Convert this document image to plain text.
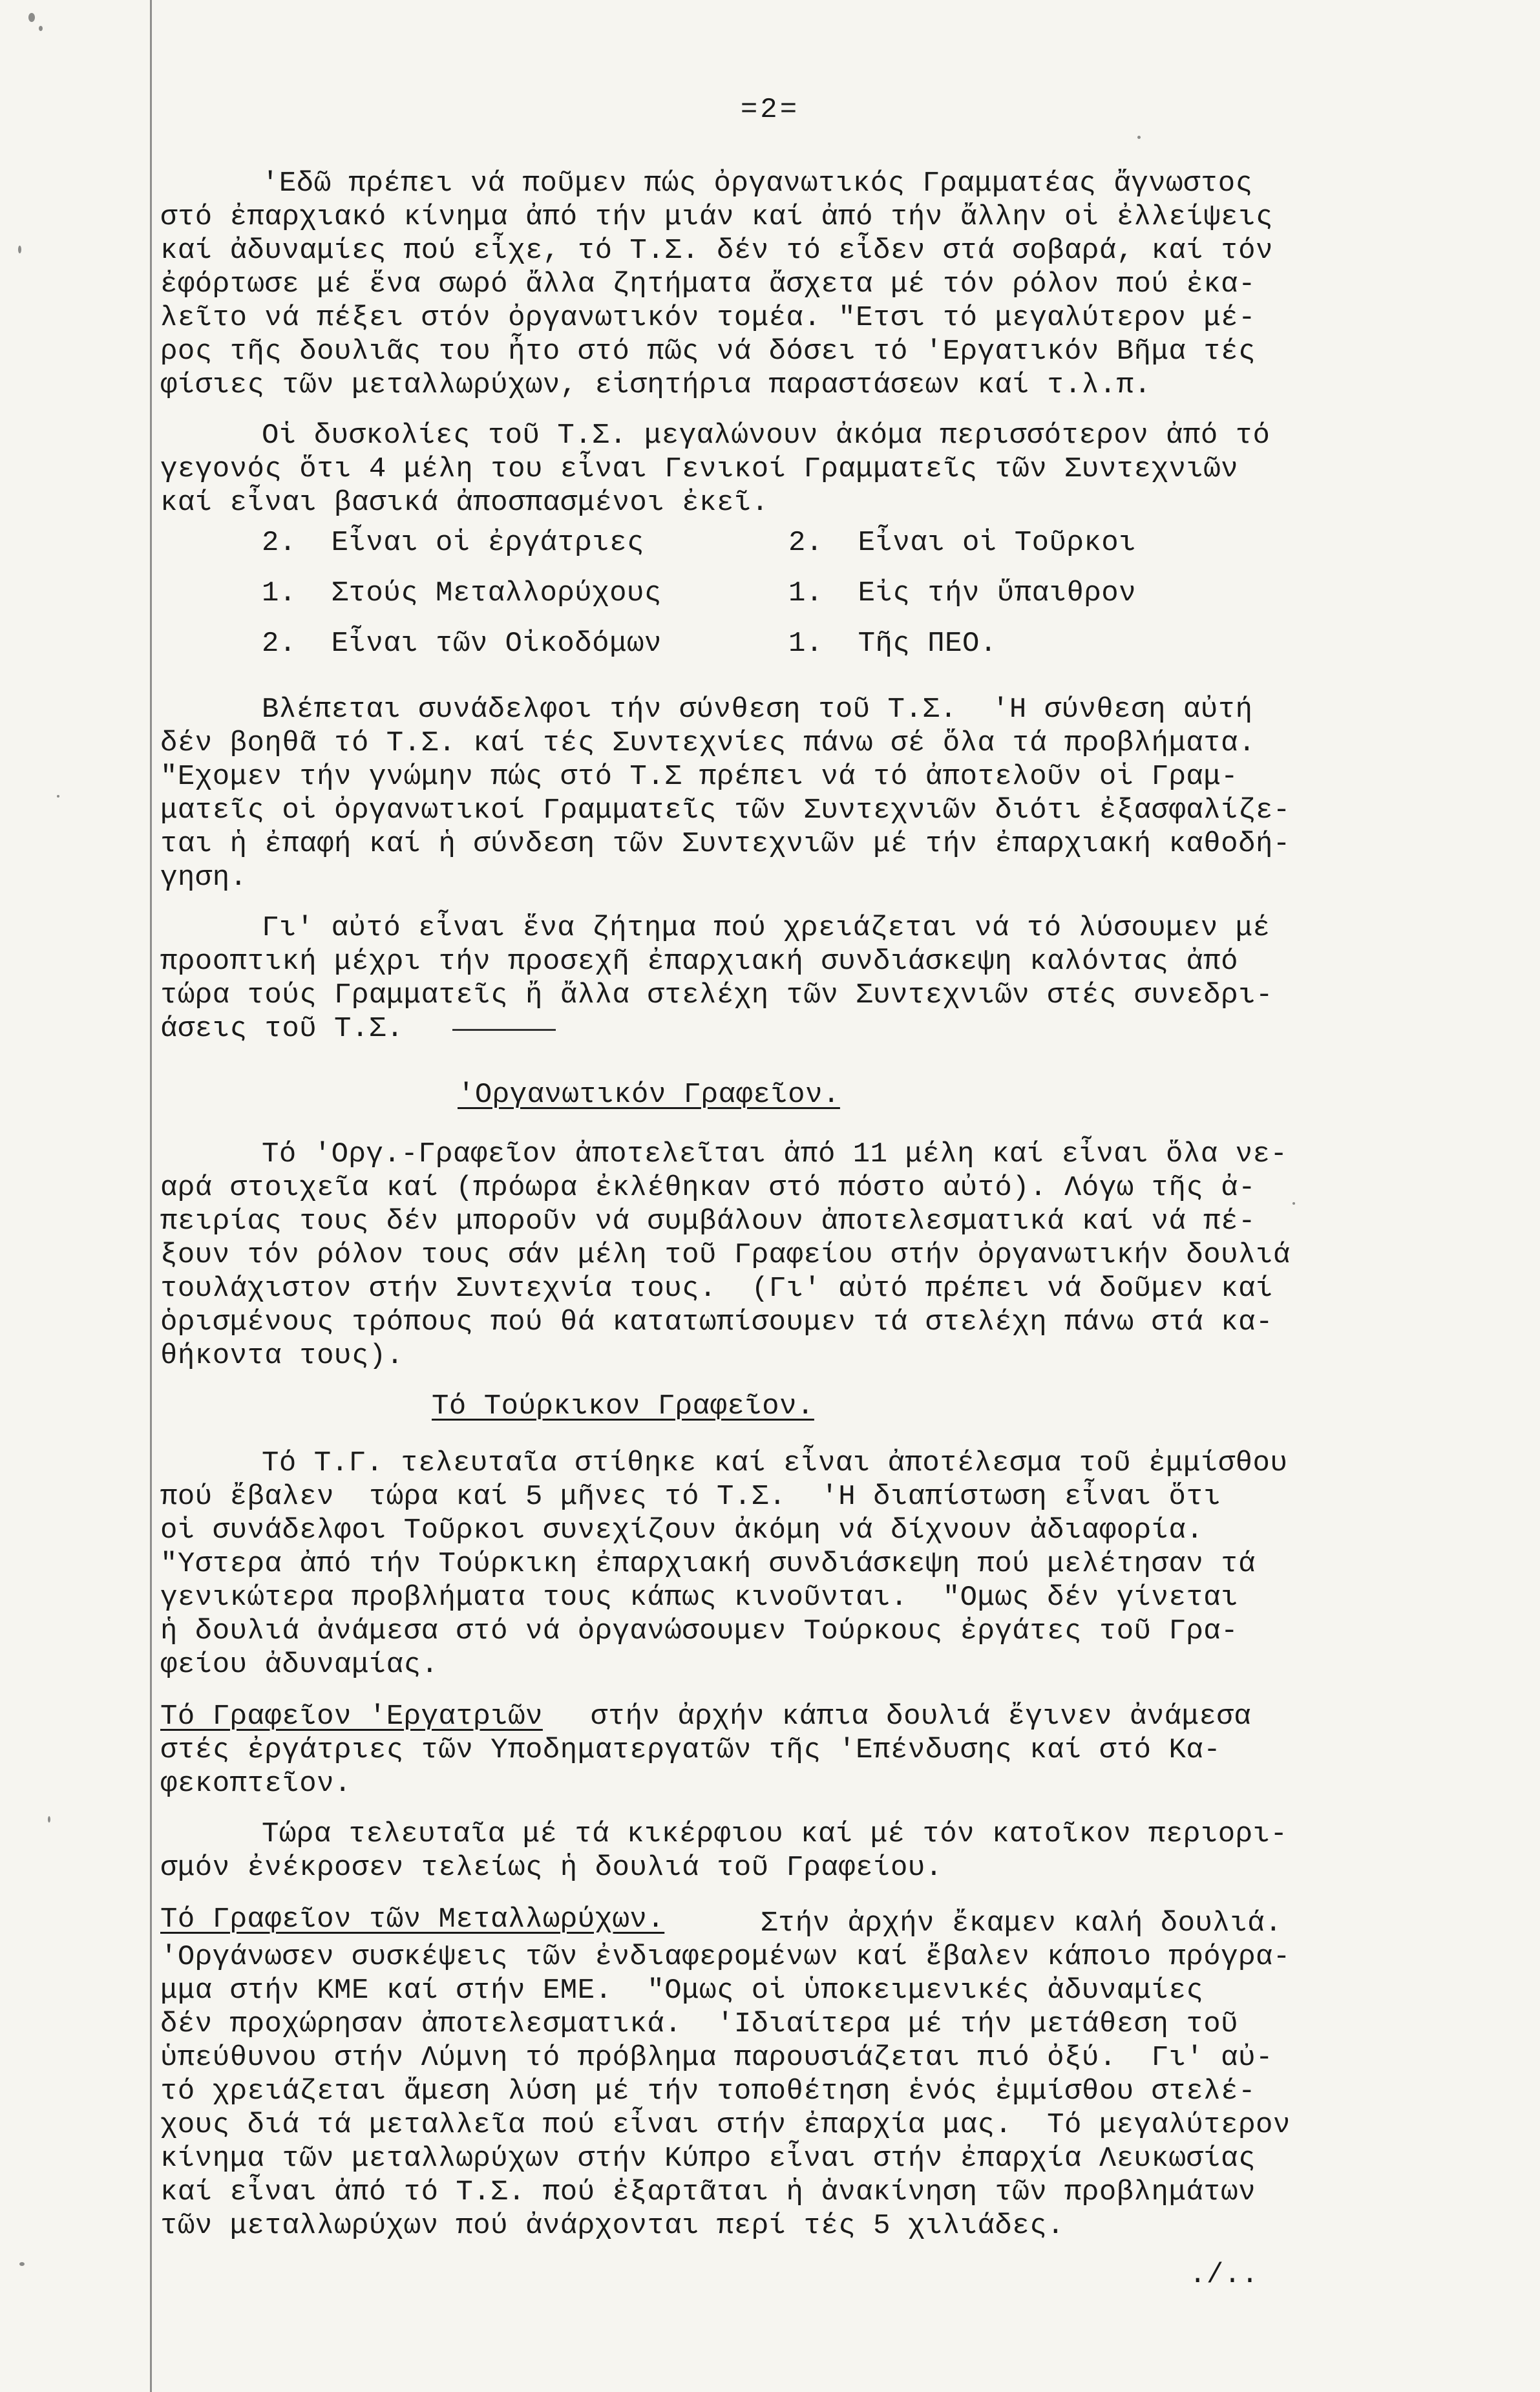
=2=
'Εδῶ πρέπει νά ποῦμεν πώς ὀργανωτικός Γραμματέας ἄγνωστος
στό ἐπαρχιακό κίνημα ἀπό τήν μιάν καί ἀπό τήν ἄλλην οἱ ἐλλείψεις
καί ἀδυναμίες πού εἶχε, τό Τ.Σ. δέν τό εἶδεν στά σοβαρά, καί τόν
ἐφόρτωσε μέ ἕνα σωρό ἄλλα ζητήματα ἄσχετα μέ τόν ρόλον πού ἐκα-
λεῖτο νά πέξει στόν ὀργανωτικόν τομέα. "Ετσι τό μεγαλύτερον μέ-
ρος τῆς δουλιᾶς του ἦτο στό πῶς νά δόσει τό 'Εργατικόν Βῆμα τές
φίσιες τῶν μεταλλωρύχων, εἰσητήρια παραστάσεων καί τ.λ.π.
Οἱ δυσκολίες τοῦ Τ.Σ. μεγαλώνουν ἀκόμα περισσότερον ἀπό τό
γεγονός ὅτι 4 μέλη του εἶναι Γενικοί Γραμματεῖς τῶν Συντεχνιῶν
καί εἶναι βασικά ἀποσπασμένοι ἐκεῖ.
2.  Εἶναι οἱ ἐργάτριες
1.  Στούς Μεταλλορύχους
2.  Εἶναι τῶν Οἰκοδόμων
2.  Εἶναι οἱ Τοῦρκοι
1.  Εἰς τήν ὕπαιθρον
1.  Τῆς ΠΕΟ.
Βλέπεται συνάδελφοι τήν σύνθεση τοῦ Τ.Σ.  'Η σύνθεση αὐτή
δέν βοηθᾶ τό Τ.Σ. καί τές Συντεχνίες πάνω σέ ὅλα τά προβλήματα.
"Εχομεν τήν γνώμην πώς στό Τ.Σ πρέπει νά τό ἀποτελοῦν οἱ Γραμ-
ματεῖς οἱ ὀργανωτικοί Γραμματεῖς τῶν Συντεχνιῶν διότι ἐξασφαλίζε-
ται ἡ ἐπαφή καί ἡ σύνδεση τῶν Συντεχνιῶν μέ τήν ἐπαρχιακή καθοδή-
γηση.
Γι' αὐτό εἶναι ἕνα ζήτημα πού χρειάζεται νά τό λύσουμεν μέ
προοπτική μέχρι τήν προσεχῆ ἐπαρχιακή συνδιάσκεψη καλόντας ἀπό
τώρα τούς Γραμματεῖς ἤ ἄλλα στελέχη τῶν Συντεχνιῶν στές συνεδρι-
άσεις τοῦ Τ.Σ.
'Οργανωτικόν Γραφεῖον.
Τό 'Οργ.-Γραφεῖον ἀποτελεῖται ἀπό 11 μέλη καί εἶναι ὅλα νε-
αρά στοιχεῖα καί (πρόωρα ἐκλέθηκαν στό πόστο αὐτό). Λόγω τῆς ἀ-
πειρίας τους δέν μποροῦν νά συμβάλουν ἀποτελεσματικά καί νά πέ-
ξουν τόν ρόλον τους σάν μέλη τοῦ Γραφείου στήν ὀργανωτικήν δουλιά
τουλάχιστον στήν Συντεχνία τους.  (Γι' αὐτό πρέπει νά δοῦμεν καί
ὁρισμένους τρόπους πού θά κατατωπίσουμεν τά στελέχη πάνω στά κα-
θήκοντα τους).
Τό Τούρκικον Γραφεῖον.
Τό Τ.Γ. τελευταῖα στίθηκε καί εἶναι ἀποτέλεσμα τοῦ ἐμμίσθου
πού ἔβαλεν  τώρα καί 5 μῆνες τό Τ.Σ.  'Η διαπίστωση εἶναι ὅτι
οἱ συνάδελφοι Τοῦρκοι συνεχίζουν ἀκόμη νά δίχνουν ἀδιαφορία.
"Υστερα ἀπό τήν Τούρκικη ἐπαρχιακή συνδιάσκεψη πού μελέτησαν τά
γενικώτερα προβλήματα τους κάπως κινοῦνται.  "Ομως δέν γίνεται
ἡ δουλιά ἀνάμεσα στό νά ὀργανώσουμεν Τούρκους ἐργάτες τοῦ Γρα-
φείου ἀδυναμίας.
Τό Γραφεῖον 'Εργατριῶν στήν ἀρχήν κάπια δουλιά ἔγινεν ἀνάμεσα
στές ἐργάτριες τῶν Υποδηματεργατῶν τῆς 'Επένδυσης καί στό Κα-
φεκοπτεῖον.
Τώρα τελευταῖα μέ τά κικέρφιου καί μέ τόν κατοῖκον περιορι-
σμόν ἐνέκροσεν τελείως ἡ δουλιά τοῦ Γραφείου.
Τό Γραφεῖον τῶν Μεταλλωρύχων.	Στήν ἀρχήν ἔκαμεν καλή δουλιά.
'Οργάνωσεν συσκέψεις τῶν ἐνδιαφερομένων καί ἔβαλεν κάποιο πρόγρα-
μμα στήν ΚΜΕ καί στήν ΕΜΕ.  "Ομως οἱ ὑποκειμενικές ἀδυναμίες
δέν προχώρησαν ἀποτελεσματικά.  'Ιδιαίτερα μέ τήν μετάθεση τοῦ
ὑπεύθυνου στήν Λύμνη τό πρόβλημα παρουσιάζεται πιό ὀξύ.  Γι' αὐ-
τό χρειάζεται ἄμεση λύση μέ τήν τοποθέτηση ἑνός ἐμμίσθου στελέ-
χους διά τά μεταλλεῖα πού εἶναι στήν ἐπαρχία μας.  Τό μεγαλύτερον
κίνημα τῶν μεταλλωρύχων στήν Κύπρο εἶναι στήν ἐπαρχία Λευκωσίας
καί εἶναι ἀπό τό Τ.Σ. πού ἐξαρτᾶται ἡ ἀνακίνηση τῶν προβλημάτων
τῶν μεταλλωρύχων πού ἀνάρχονται περί τές 5 χιλιάδες.
./..
